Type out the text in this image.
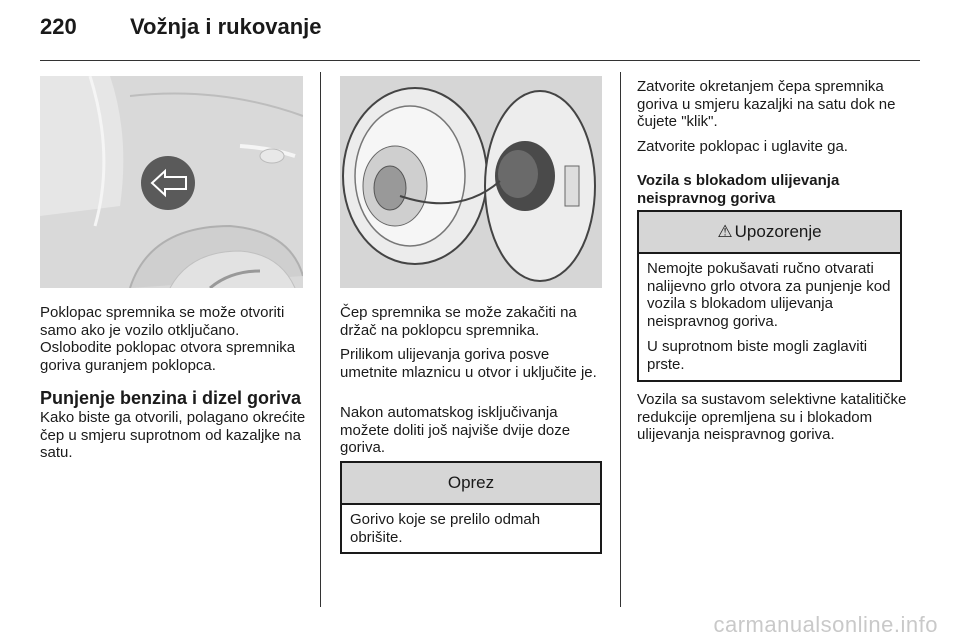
220 Vožnja i rukovanje

Poklopac spremnika se može otvoriti samo ako je vozilo otključano. Oslobodite poklopac otvora spremnika goriva guranjem poklopca.

Punjenje benzina i dizel goriva

Kako biste ga otvorili, polagano okrećite čep u smjeru suprotnom od kazaljke na satu.

Čep spremnika se može zakačiti na držač na poklopcu spremnika.

Prilikom ulijevanja goriva posve umetnite mlaznicu u otvor i uključite je.

Nakon automatskog isključivanja možete doliti još najviše dvije doze goriva.

Oprez

Gorivo koje se prelilo odmah obrišite.

Zatvorite okretanjem čepa spremnika goriva u smjeru kazaljki na satu dok ne čujete "klik".

Zatvorite poklopac i uglavite ga.

Vozila s blokadom ulijevanja neispravnog goriva
⚠ Upozorenje

Nemojte pokušavati ručno otvarati nalijevno grlo otvora za punjenje kod vozila s blokadom ulijevanja neispravnog goriva.

U suprotnom biste mogli zaglaviti prste.

Vozila sa sustavom selektivne katalitičke redukcije opremljena su i blokadom ulijevanja neispravnog goriva.

carmanualsonline.info
